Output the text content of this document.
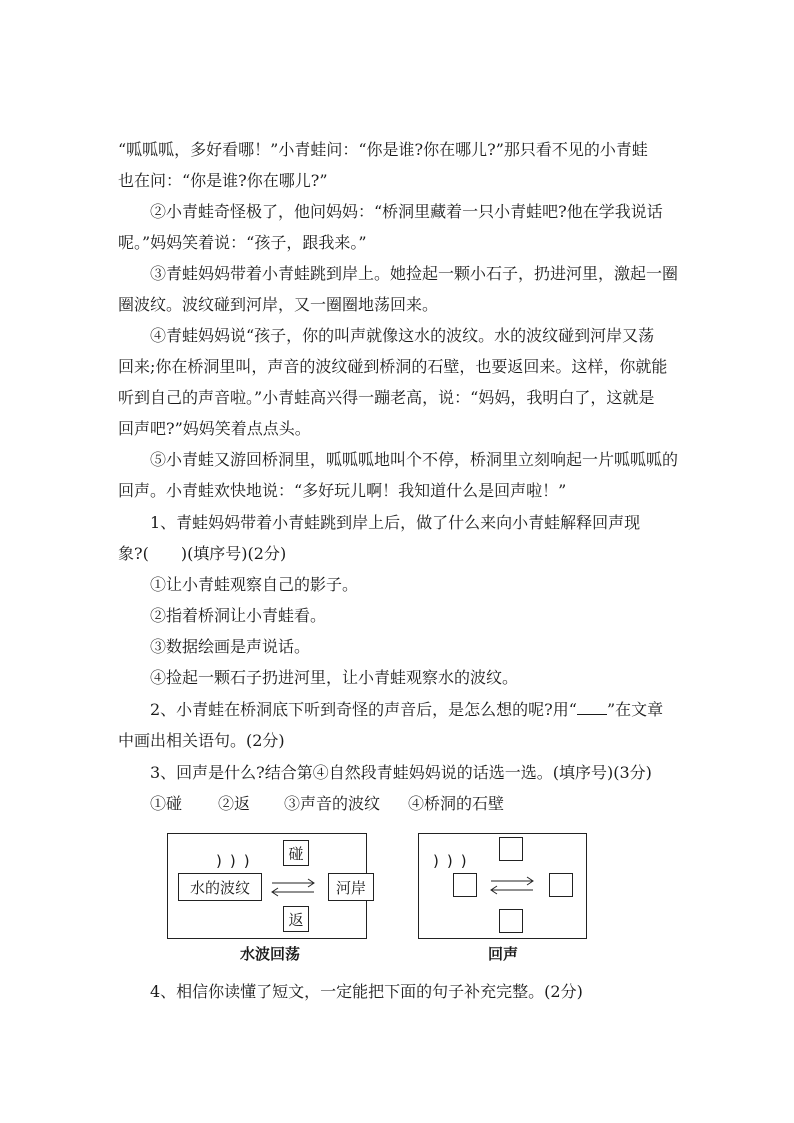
“呱呱呱，多好看哪！”小青蛙问：“你是谁?你在哪儿?”那只看不见的小青蛙
也在问：“你是谁?你在哪儿?”
②小青蛙奇怪极了，他问妈妈：“桥洞里藏着一只小青蛙吧?他在学我说话
呢。”妈妈笑着说：“孩子，跟我来。”
③青蛙妈妈带着小青蛙跳到岸上。她捡起一颗小石子，扔进河里，激起一圈
圈波纹。波纹碰到河岸，又一圈圈地荡回来。
④青蛙妈妈说“孩子，你的叫声就像这水的波纹。水的波纹碰到河岸又荡
回来;你在桥洞里叫，声音的波纹碰到桥洞的石壁，也要返回来。这样，你就能
听到自己的声音啦。”小青蛙高兴得一蹦老高，说：“妈妈，我明白了，这就是
回声吧?”妈妈笑着点点头。
⑤小青蛙又游回桥洞里，呱呱呱地叫个不停，桥洞里立刻响起一片呱呱呱的
回声。小青蛙欢快地说：“多好玩儿啊！我知道什么是回声啦！”
1、青蛙妈妈带着小青蛙跳到岸上后，做了什么来向小青蛙解释回声现
象?(　　)(填序号)(2分)
①让小青蛙观察自己的影子。
②指着桥洞让小青蛙看。
③数据绘画是声说话。
④捡起一颗石子扔进河里，让小青蛙观察水的波纹。
2、小青蛙在桥洞底下听到奇怪的声音后，是怎么想的呢?用“ ”在文章
中画出相关语句。(2分)
3、回声是什么?结合第④自然段青蛙妈妈说的话选一选。(填序号)(3分)
①碰 ②返 ③声音的波纹 ④桥洞的石壁
)))	碰
水的波纹	河岸
返
水波回荡
)))
回声
4、相信你读懂了短文，一定能把下面的句子补充完整。(2分)
